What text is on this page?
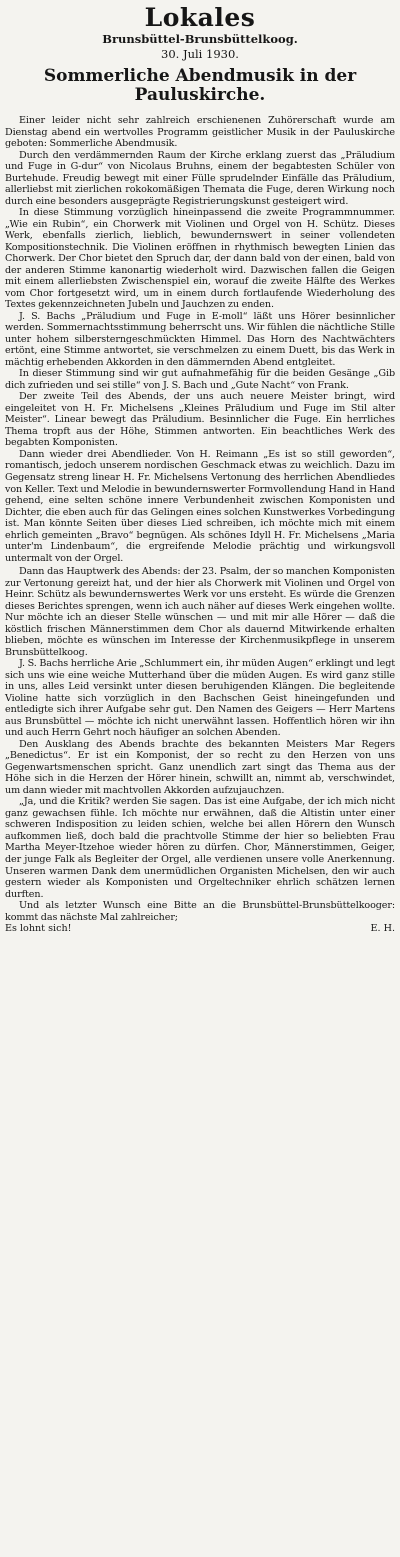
Lokales
Brunsbüttel-Brunsbüttelkoog.
30. Juli 1930.
Sommerliche Abendmusik in der Pauluskirche.

Einer leider nicht sehr zahlreich erschienenen Zuhörerschaft wurde am Dienstag abend ein wertvolles Programm geistlicher Musik in der Pauluskirche geboten: Sommerliche Abendmusik.

Durch den verdämmernden Raum der Kirche erklang zuerst das „Präludium und Fuge in G-dur“ von Nicolaus Bruhns, einem der begabtesten Schüler von Burtehude. Freudig bewegt mit einer Fülle sprudelnder Einfälle das Präludium, allerliebst mit zierlichen rokokomäßigen Themata die Fuge, deren Wirkung noch durch eine besonders ausgeprägte Registrierungskunst gesteigert wird.

In diese Stimmung vorzüglich hineinpassend die zweite Programmnummer. „Wie ein Rubin“, ein Chorwerk mit Violinen und Orgel von H. Schütz. Dieses Werk, ebenfalls zierlich, lieblich, bewundernswert in seiner vollendeten Kompositionstechnik. Die Violinen eröffnen in rhythmisch bewegten Linien das Chorwerk. Der Chor bietet den Spruch dar, der dann bald von der einen, bald von der anderen Stimme kanonartig wiederholt wird. Dazwischen fallen die Geigen mit einem allerliebsten Zwischenspiel ein, worauf die zweite Hälfte des Werkes vom Chor fortgesetzt wird, um in einem durch fortlaufende Wiederholung des Textes gekennzeichneten Jubeln und Jauchzen zu enden.

J. S. Bachs „Präludium und Fuge in E-moll“ läßt uns Hörer besinnlicher werden. Sommernachtsstimmung beherrscht uns. Wir fühlen die nächtliche Stille unter hohem silbersterngeschmückten Himmel. Das Horn des Nachtwächters ertönt, eine Stimme antwortet, sie verschmelzen zu einem Duett, bis das Werk in mächtig erhebenden Akkorden in den dämmernden Abend entgleitet.

In dieser Stimmung sind wir gut aufnahmefähig für die beiden Gesänge „Gib dich zufrieden und sei stille“ von J. S. Bach und „Gute Nacht“ von Frank.

Der zweite Teil des Abends, der uns auch neuere Meister bringt, wird eingeleitet von H. Fr. Michelsens „Kleines Präludium und Fuge im Stil alter Meister“. Linear bewegt das Präludium. Besinnlicher die Fuge. Ein herrliches Thema tropft aus der Höhe, Stimmen antworten. Ein beachtliches Werk des begabten Komponisten.

Dann wieder drei Abendlieder. Von H. Reimann „Es ist so still geworden“, romantisch, jedoch unserem nordischen Geschmack etwas zu weichlich. Dazu im Gegensatz streng linear H. Fr. Michelsens Vertonung des herrlichen Abendliedes von Keller. Text und Melodie in bewundernswerter Formvollendung Hand in Hand gehend, eine selten schöne innere Verbundenheit zwischen Komponisten und Dichter, die eben auch für das Gelingen eines solchen Kunstwerkes Vorbedingung ist. Man könnte Seiten über dieses Lied schreiben, ich möchte mich mit einem ehrlich gemeinten „Bravo“ begnügen. Als schönes Idyll H. Fr. Michelsens „Maria unter'm Lindenbaum“, die ergreifende Melodie prächtig und wirkungsvoll untermalt von der Orgel.

Dann das Hauptwerk des Abends: der 23. Psalm, der so manchen Komponisten zur Vertonung gereizt hat, und der hier als Chorwerk mit Violinen und Orgel von Heinr. Schütz als bewundernswertes Werk vor uns ersteht. Es würde die Grenzen dieses Berichtes sprengen, wenn ich auch näher auf dieses Werk eingehen wollte. Nur möchte ich an dieser Stelle wünschen — und mit mir alle Hörer — daß die köstlich frischen Männerstimmen dem Chor als dauernd Mitwirkende erhalten blieben, möchte es wünschen im Interesse der Kirchenmusikpflege in unserem Brunsbüttelkoog.

J. S. Bachs herrliche Arie „Schlummert ein, ihr müden Augen“ erklingt und legt sich uns wie eine weiche Mutterhand über die müden Augen. Es wird ganz stille in uns, alles Leid versinkt unter diesen beruhigenden Klängen. Die begleitende Violine hatte sich vorzüglich in den Bachschen Geist hineingefunden und entledigte sich ihrer Aufgabe sehr gut. Den Namen des Geigers — Herr Martens aus Brunsbüttel — möchte ich nicht unerwähnt lassen. Hoffentlich hören wir ihn und auch Herrn Gehrt noch häufiger an solchen Abenden.

Den Ausklang des Abends brachte des bekannten Meisters Mar Regers „Benedictus“. Er ist ein Komponist, der so recht zu den Herzen von uns Gegenwartsmenschen spricht. Ganz unendlich zart singt das Thema aus der Höhe sich in die Herzen der Hörer hinein, schwillt an, nimmt ab, verschwindet, um dann wieder mit machtvollen Akkorden aufzujauchzen.

„Ja, und die Kritik? werden Sie sagen. Das ist eine Aufgabe, der ich mich nicht ganz gewachsen fühle. Ich möchte nur erwähnen, daß die Altistin unter einer schweren Indisposition zu leiden schien, welche bei allen Hörern den Wunsch aufkommen ließ, doch bald die prachtvolle Stimme der hier so beliebten Frau Martha Meyer-Itzehoe wieder hören zu dürfen. Chor, Männerstimmen, Geiger, der junge Falk als Begleiter der Orgel, alle verdienen unsere volle Anerkennung. Unseren warmen Dank dem unermüdlichen Organisten Michelsen, den wir auch gestern wieder als Komponisten und Orgeltechniker ehrlich schätzen lernen durften.

Und als letzter Wunsch eine Bitte an die Brunsbüttel-Brunsbüttelkooger: kommt das nächste Mal zahlreicher;

Es lohnt sich!	E. H.
